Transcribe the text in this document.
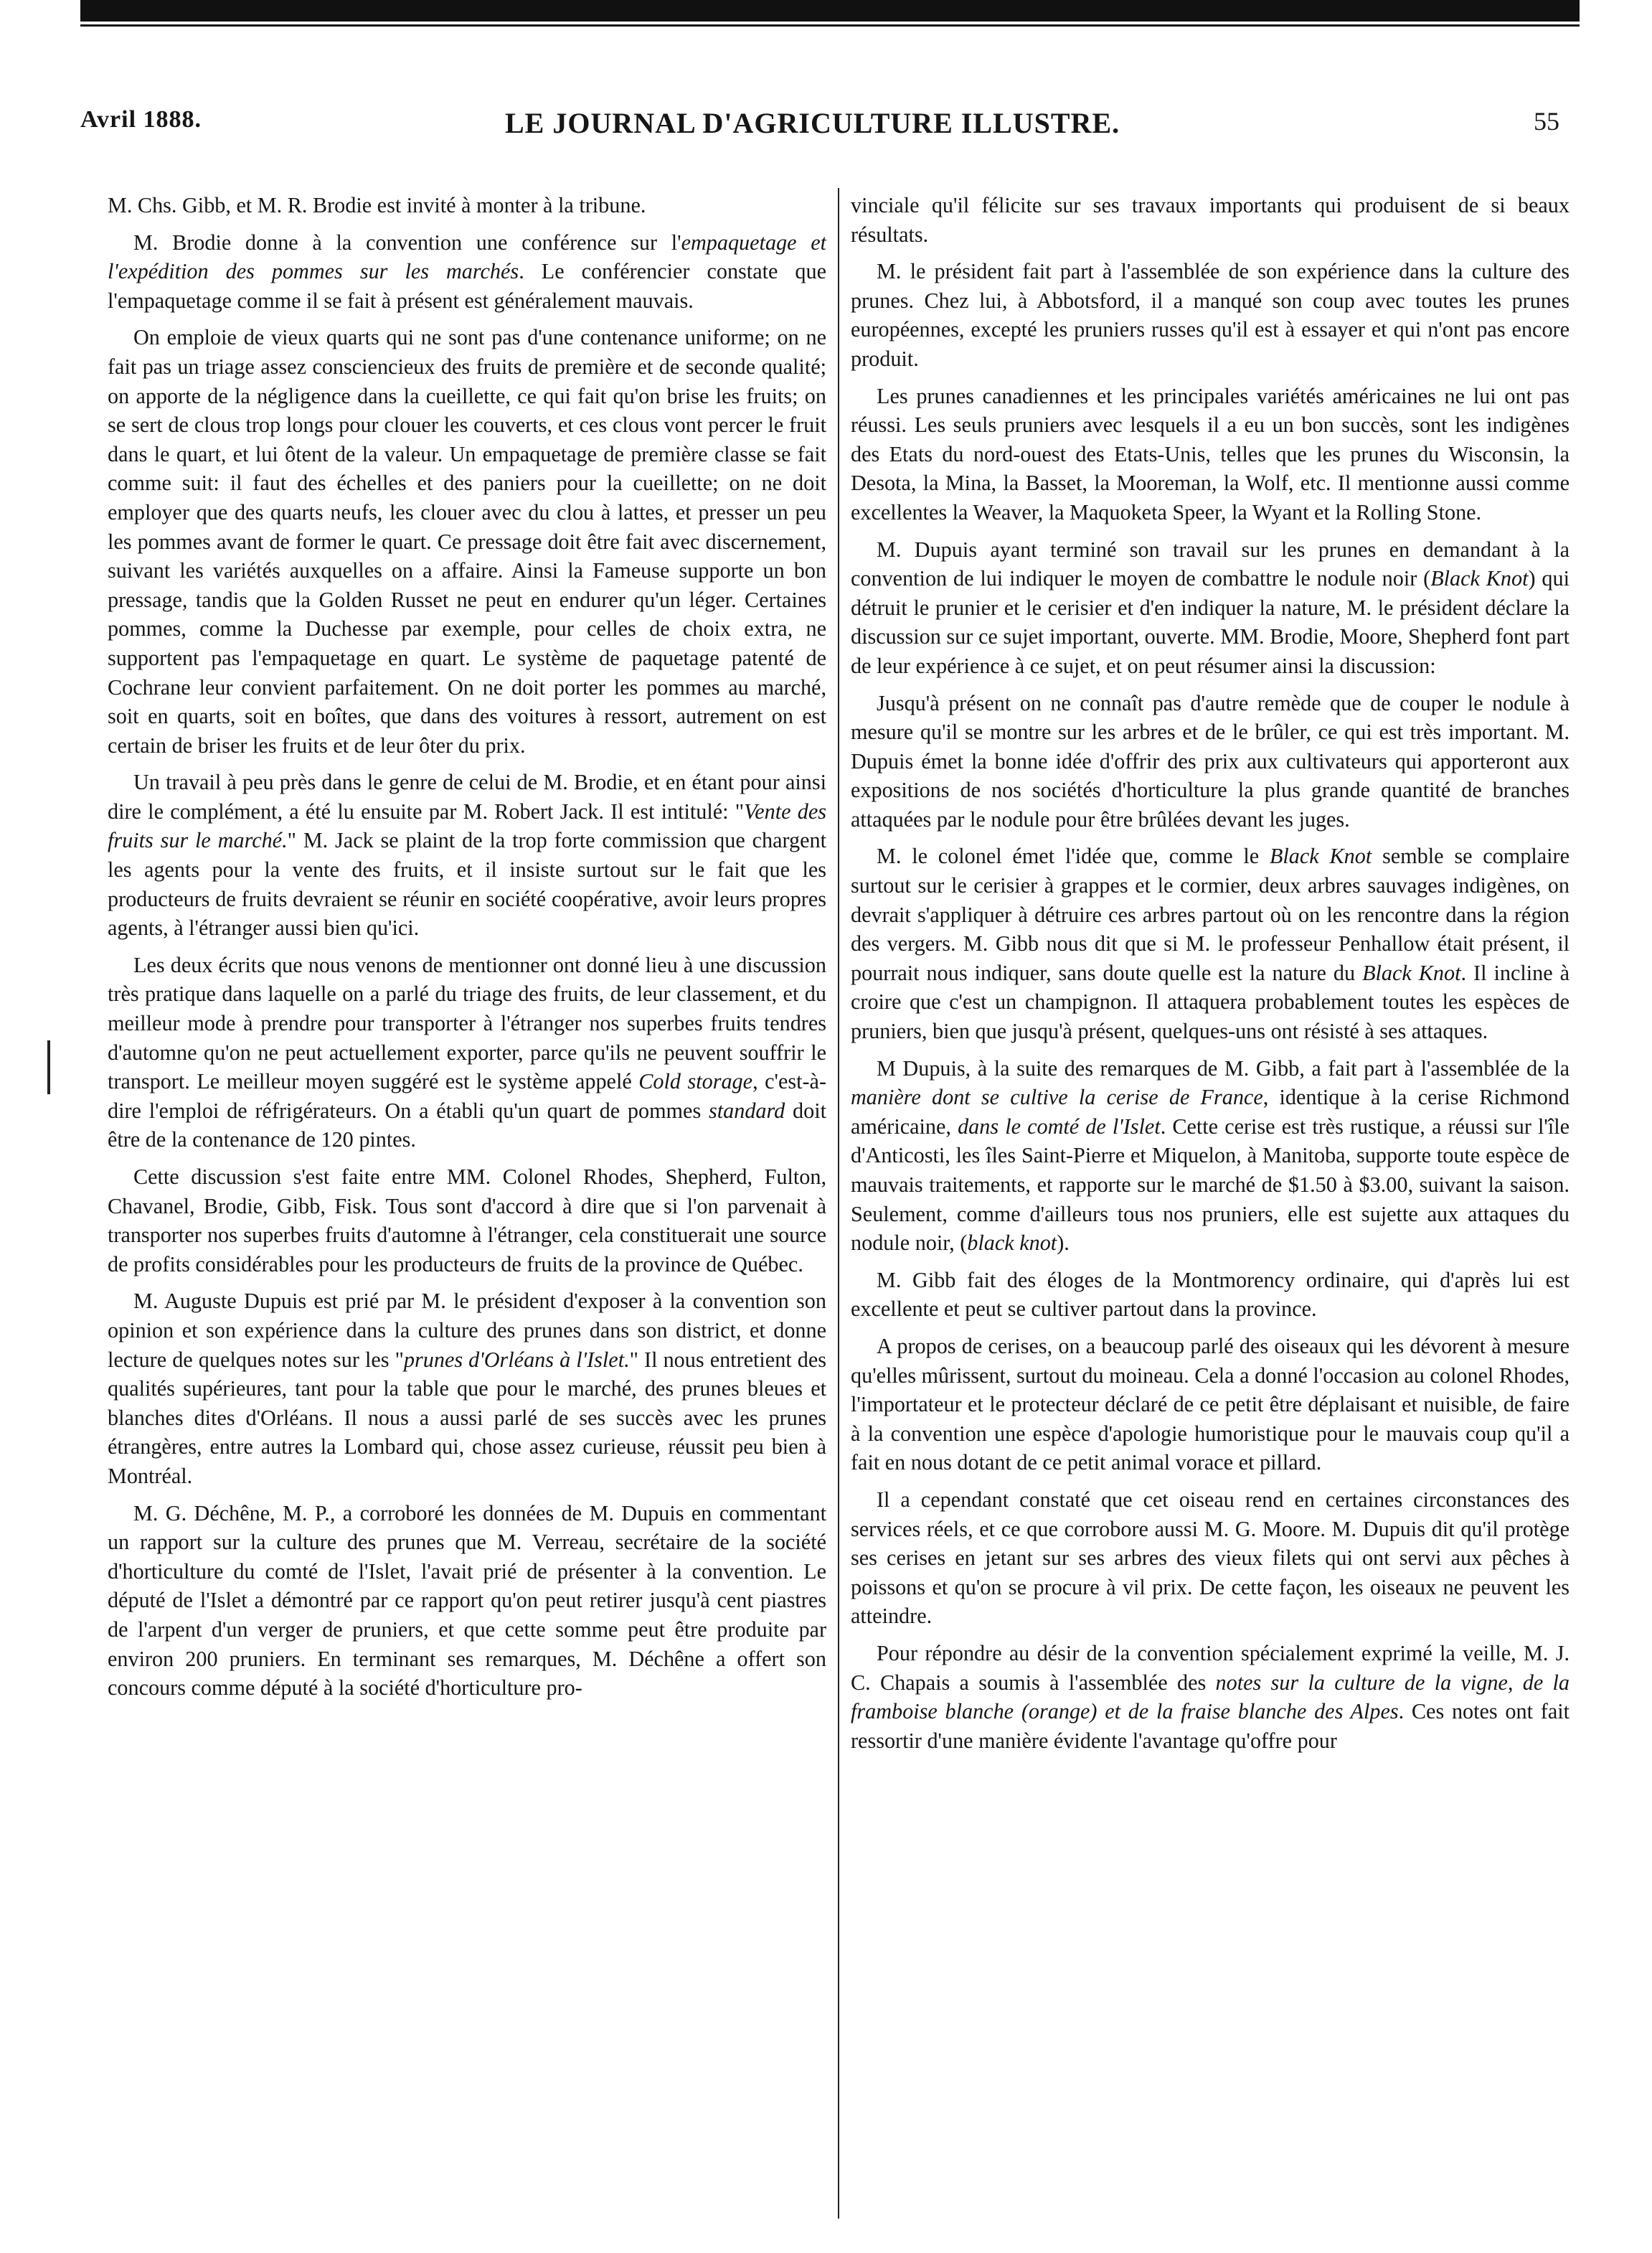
Avril 1888.	LE JOURNAL D'AGRICULTURE ILLUSTRE.	55

M. Chs. Gibb, et M. R. Brodie est invité à monter à la tribune.

M. Brodie donne à la convention une conférence sur l'empaquetage et l'expédition des pommes sur les marchés. Le conférencier constate que l'empaquetage comme il se fait à présent est généralement mauvais.

On emploie de vieux quarts qui ne sont pas d'une contenance uniforme; on ne fait pas un triage assez consciencieux des fruits de première et de seconde qualité; on apporte de la négligence dans la cueillette, ce qui fait qu'on brise les fruits; on se sert de clous trop longs pour clouer les couverts, et ces clous vont percer le fruit dans le quart, et lui ôtent de la valeur. Un empaquetage de première classe se fait comme suit: il faut des échelles et des paniers pour la cueillette; on ne doit employer que des quarts neufs, les clouer avec du clou à lattes, et presser un peu les pommes avant de former le quart. Ce pressage doit être fait avec discernement, suivant les variétés auxquelles on a affaire. Ainsi la Fameuse supporte un bon pressage, tandis que la Golden Russet ne peut en endurer qu'un léger. Certaines pommes, comme la Duchesse par exemple, pour celles de choix extra, ne supportent pas l'empaquetage en quart. Le système de paquetage patenté de Cochrane leur convient parfaitement. On ne doit porter les pommes au marché, soit en quarts, soit en boîtes, que dans des voitures à ressort, autrement on est certain de briser les fruits et de leur ôter du prix.

Un travail à peu près dans le genre de celui de M. Brodie, et en étant pour ainsi dire le complément, a été lu ensuite par M. Robert Jack. Il est intitulé: "Vente des fruits sur le marché." M. Jack se plaint de la trop forte commission que chargent les agents pour la vente des fruits, et il insiste surtout sur le fait que les producteurs de fruits devraient se réunir en société coopérative, avoir leurs propres agents, à l'étranger aussi bien qu'ici.

Les deux écrits que nous venons de mentionner ont donné lieu à une discussion très pratique dans laquelle on a parlé du triage des fruits, de leur classement, et du meilleur mode à prendre pour transporter à l'étranger nos superbes fruits tendres d'automne qu'on ne peut actuellement exporter, parce qu'ils ne peuvent souffrir le transport. Le meilleur moyen suggéré est le système appelé Cold storage, c'est-à-dire l'emploi de réfrigérateurs. On a établi qu'un quart de pommes standard doit être de la contenance de 120 pintes.

Cette discussion s'est faite entre MM. Colonel Rhodes, Shepherd, Fulton, Chavanel, Brodie, Gibb, Fisk. Tous sont d'accord à dire que si l'on parvenait à transporter nos superbes fruits d'automne à l'étranger, cela constituerait une source de profits considérables pour les producteurs de fruits de la province de Québec.

M. Auguste Dupuis est prié par M. le président d'exposer à la convention son opinion et son expérience dans la culture des prunes dans son district, et donne lecture de quelques notes sur les "prunes d'Orléans à l'Islet." Il nous entretient des qualités supérieures, tant pour la table que pour le marché, des prunes bleues et blanches dites d'Orléans. Il nous a aussi parlé de ses succès avec les prunes étrangères, entre autres la Lombard qui, chose assez curieuse, réussit peu bien à Montréal.

M. G. Déchêne, M. P., a corroboré les données de M. Dupuis en commentant un rapport sur la culture des prunes que M. Verreau, secrétaire de la société d'horticulture du comté de l'Islet, l'avait prié de présenter à la convention. Le député de l'Islet a démontré par ce rapport qu'on peut retirer jusqu'à cent piastres de l'arpent d'un verger de pruniers, et que cette somme peut être produite par environ 200 pruniers. En terminant ses remarques, M. Déchêne a offert son concours comme député à la société d'horticulture pro-

vinciale qu'il félicite sur ses travaux importants qui produisent de si beaux résultats.

M. le président fait part à l'assemblée de son expérience dans la culture des prunes. Chez lui, à Abbotsford, il a manqué son coup avec toutes les prunes européennes, excepté les pruniers russes qu'il est à essayer et qui n'ont pas encore produit.

Les prunes canadiennes et les principales variétés américaines ne lui ont pas réussi. Les seuls pruniers avec lesquels il a eu un bon succès, sont les indigènes des Etats du nord-ouest des Etats-Unis, telles que les prunes du Wisconsin, la Desota, la Mina, la Basset, la Mooreman, la Wolf, etc. Il mentionne aussi comme excellentes la Weaver, la Maquoketa Speer, la Wyant et la Rolling Stone.

M. Dupuis ayant terminé son travail sur les prunes en demandant à la convention de lui indiquer le moyen de combattre le nodule noir (Black Knot) qui détruit le prunier et le cerisier et d'en indiquer la nature, M. le président déclare la discussion sur ce sujet important, ouverte. MM. Brodie, Moore, Shepherd font part de leur expérience à ce sujet, et on peut résumer ainsi la discussion:

Jusqu'à présent on ne connaît pas d'autre remède que de couper le nodule à mesure qu'il se montre sur les arbres et de le brûler, ce qui est très important. M. Dupuis émet la bonne idée d'offrir des prix aux cultivateurs qui apporteront aux expositions de nos sociétés d'horticulture la plus grande quantité de branches attaquées par le nodule pour être brûlées devant les juges.

M. le colonel émet l'idée que, comme le Black Knot semble se complaire surtout sur le cerisier à grappes et le cormier, deux arbres sauvages indigènes, on devrait s'appliquer à détruire ces arbres partout où on les rencontre dans la région des vergers. M. Gibb nous dit que si M. le professeur Penhallow était présent, il pourrait nous indiquer, sans doute quelle est la nature du Black Knot. Il incline à croire que c'est un champignon. Il attaquera probablement toutes les espèces de pruniers, bien que jusqu'à présent, quelques-uns ont résisté à ses attaques.

M Dupuis, à la suite des remarques de M. Gibb, a fait part à l'assemblée de la manière dont se cultive la cerise de France, identique à la cerise Richmond américaine, dans le comté de l'Islet. Cette cerise est très rustique, a réussi sur l'île d'Anticosti, les îles Saint-Pierre et Miquelon, à Manitoba, supporte toute espèce de mauvais traitements, et rapporte sur le marché de $1.50 à $3.00, suivant la saison. Seulement, comme d'ailleurs tous nos pruniers, elle est sujette aux attaques du nodule noir, (black knot).

M. Gibb fait des éloges de la Montmorency ordinaire, qui d'après lui est excellente et peut se cultiver partout dans la province.

A propos de cerises, on a beaucoup parlé des oiseaux qui les dévorent à mesure qu'elles mûrissent, surtout du moineau. Cela a donné l'occasion au colonel Rhodes, l'importateur et le protecteur déclaré de ce petit être déplaisant et nuisible, de faire à la convention une espèce d'apologie humoristique pour le mauvais coup qu'il a fait en nous dotant de ce petit animal vorace et pillard.

Il a cependant constaté que cet oiseau rend en certaines circonstances des services réels, et ce que corrobore aussi M. G. Moore. M. Dupuis dit qu'il protège ses cerises en jetant sur ses arbres des vieux filets qui ont servi aux pêches à poissons et qu'on se procure à vil prix. De cette façon, les oiseaux ne peuvent les atteindre.

Pour répondre au désir de la convention spécialement exprimé la veille, M. J. C. Chapais a soumis à l'assemblée des notes sur la culture de la vigne, de la framboise blanche (orange) et de la fraise blanche des Alpes. Ces notes ont fait ressortir d'une manière évidente l'avantage qu'offre pour
